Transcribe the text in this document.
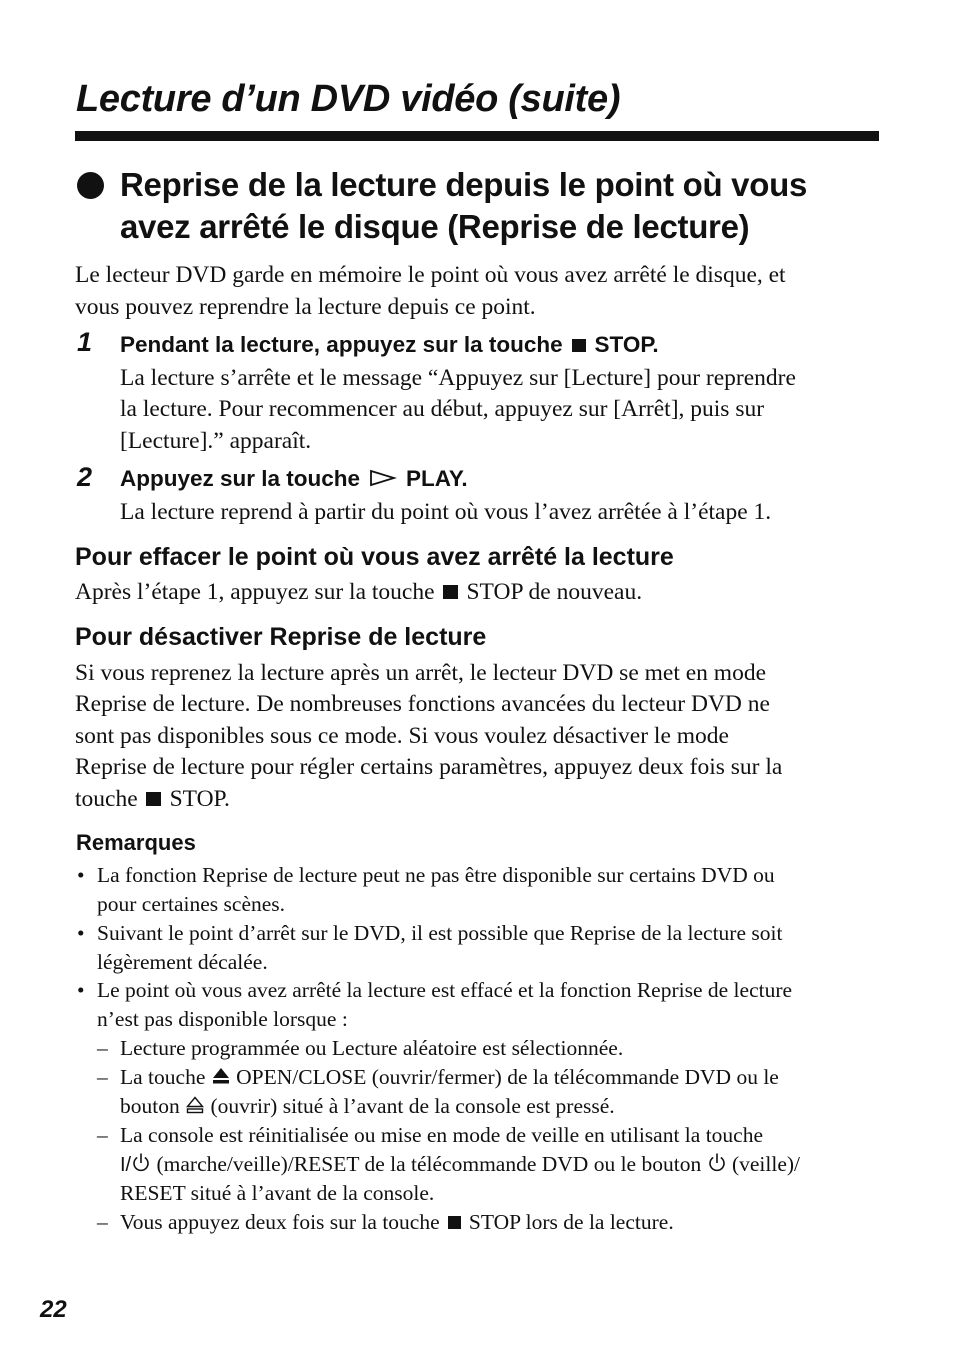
Lecture d’un DVD vidéo (suite)
Reprise de la lecture depuis le point où vous
avez arrêté le disque (Reprise de lecture)
Le lecteur DVD garde en mémoire le point où vous avez arrêté le disque, et
vous pouvez reprendre la lecture depuis ce point.
1 Pendant la lecture, appuyez sur la touche STOP.
La lecture s’arrête et le message “Appuyez sur [Lecture] pour reprendre
la lecture. Pour recommencer au début, appuyez sur [Arrêt], puis sur
[Lecture].” apparaît.
2 Appuyez sur la touche PLAY.
La lecture reprend à partir du point où vous l’avez arrêtée à l’étape 1.
Pour effacer le point où vous avez arrêté la lecture
Après l’étape 1, appuyez sur la touche STOP de nouveau.
Pour désactiver Reprise de lecture
Si vous reprenez la lecture après un arrêt, le lecteur DVD se met en mode
Reprise de lecture. De nombreuses fonctions avancées du lecteur DVD ne
sont pas disponibles sous ce mode. Si vous voulez désactiver le mode
Reprise de lecture pour régler certains paramètres, appuyez deux fois sur la
touche STOP.
Remarques
• La fonction Reprise de lecture peut ne pas être disponible sur certains DVD ou
pour certaines scènes.
• Suivant le point d’arrêt sur le DVD, il est possible que Reprise de la lecture soit
légèrement décalée.
• Le point où vous avez arrêté la lecture est effacé et la fonction Reprise de lecture
n’est pas disponible lorsque :
– Lecture programmée ou Lecture aléatoire est sélectionnée.
– La touche OPEN/CLOSE (ouvrir/fermer) de la télécommande DVD ou le
bouton (ouvrir) situé à l’avant de la console est pressé.
– La console est réinitialisée ou mise en mode de veille en utilisant la touche
I/ (marche/veille)/RESET de la télécommande DVD ou le bouton (veille)/
RESET situé à l’avant de la console.
– Vous appuyez deux fois sur la touche STOP lors de la lecture.
22
